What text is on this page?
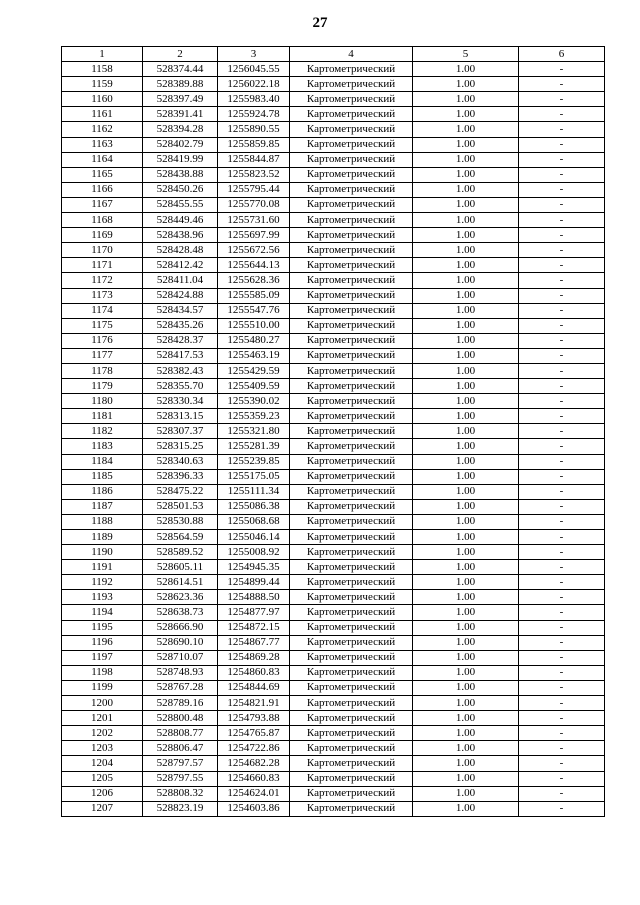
27
1	2	3	4	5	6
1158	528374.44	1256045.55	Картометрический	1.00	-
1159	528389.88	1256022.18	Картометрический	1.00	-
1160	528397.49	1255983.40	Картометрический	1.00	-
1161	528391.41	1255924.78	Картометрический	1.00	-
1162	528394.28	1255890.55	Картометрический	1.00	-
1163	528402.79	1255859.85	Картометрический	1.00	-
1164	528419.99	1255844.87	Картометрический	1.00	-
1165	528438.88	1255823.52	Картометрический	1.00	-
1166	528450.26	1255795.44	Картометрический	1.00	-
1167	528455.55	1255770.08	Картометрический	1.00	-
1168	528449.46	1255731.60	Картометрический	1.00	-
1169	528438.96	1255697.99	Картометрический	1.00	-
1170	528428.48	1255672.56	Картометрический	1.00	-
1171	528412.42	1255644.13	Картометрический	1.00	-
1172	528411.04	1255628.36	Картометрический	1.00	-
1173	528424.88	1255585.09	Картометрический	1.00	-
1174	528434.57	1255547.76	Картометрический	1.00	-
1175	528435.26	1255510.00	Картометрический	1.00	-
1176	528428.37	1255480.27	Картометрический	1.00	-
1177	528417.53	1255463.19	Картометрический	1.00	-
1178	528382.43	1255429.59	Картометрический	1.00	-
1179	528355.70	1255409.59	Картометрический	1.00	-
1180	528330.34	1255390.02	Картометрический	1.00	-
1181	528313.15	1255359.23	Картометрический	1.00	-
1182	528307.37	1255321.80	Картометрический	1.00	-
1183	528315.25	1255281.39	Картометрический	1.00	-
1184	528340.63	1255239.85	Картометрический	1.00	-
1185	528396.33	1255175.05	Картометрический	1.00	-
1186	528475.22	1255111.34	Картометрический	1.00	-
1187	528501.53	1255086.38	Картометрический	1.00	-
1188	528530.88	1255068.68	Картометрический	1.00	-
1189	528564.59	1255046.14	Картометрический	1.00	-
1190	528589.52	1255008.92	Картометрический	1.00	-
1191	528605.11	1254945.35	Картометрический	1.00	-
1192	528614.51	1254899.44	Картометрический	1.00	-
1193	528623.36	1254888.50	Картометрический	1.00	-
1194	528638.73	1254877.97	Картометрический	1.00	-
1195	528666.90	1254872.15	Картометрический	1.00	-
1196	528690.10	1254867.77	Картометрический	1.00	-
1197	528710.07	1254869.28	Картометрический	1.00	-
1198	528748.93	1254860.83	Картометрический	1.00	-
1199	528767.28	1254844.69	Картометрический	1.00	-
1200	528789.16	1254821.91	Картометрический	1.00	-
1201	528800.48	1254793.88	Картометрический	1.00	-
1202	528808.77	1254765.87	Картометрический	1.00	-
1203	528806.47	1254722.86	Картометрический	1.00	-
1204	528797.57	1254682.28	Картометрический	1.00	-
1205	528797.55	1254660.83	Картометрический	1.00	-
1206	528808.32	1254624.01	Картометрический	1.00	-
1207	528823.19	1254603.86	Картометрический	1.00	-
